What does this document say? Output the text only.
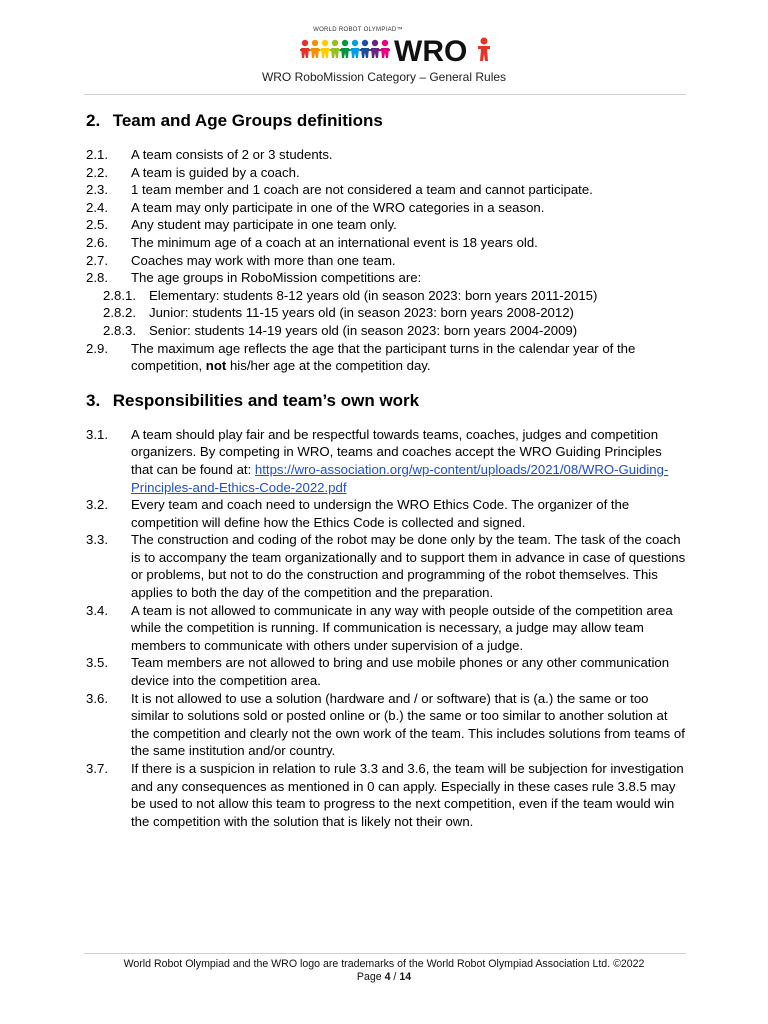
WORLD ROBOT OLYMPIAD™
WRO
WRO RoboMission Category – General Rules
2. Team and Age Groups definitions
2.1.	A team consists of 2 or 3 students.
2.2.	A team is guided by a coach.
2.3.	1 team member and 1 coach are not considered a team and cannot participate.
2.4.	A team may only participate in one of the WRO categories in a season.
2.5.	Any student may participate in one team only.
2.6.	The minimum age of a coach at an international event is 18 years old.
2.7.	Coaches may work with more than one team.
2.8.	The age groups in RoboMission competitions are:
2.8.1. Elementary: students 8-12 years old (in season 2023: born years 2011-2015)
2.8.2. Junior: students 11-15 years old (in season 2023: born years 2008-2012)
2.8.3. Senior: students 14-19 years old (in season 2023: born years 2004-2009)
2.9.	The maximum age reflects the age that the participant turns in the calendar year of the competition, not his/her age at the competition day.
3. Responsibilities and team’s own work
3.1.	A team should play fair and be respectful towards teams, coaches, judges and competition organizers. By competing in WRO, teams and coaches accept the WRO Guiding Principles that can be found at: https://wro-association.org/wp-content/uploads/2021/08/WRO-Guiding-Principles-and-Ethics-Code-2022.pdf
3.2.	Every team and coach need to undersign the WRO Ethics Code. The organizer of the competition will define how the Ethics Code is collected and signed.
3.3.	The construction and coding of the robot may be done only by the team. The task of the coach is to accompany the team organizationally and to support them in advance in case of questions or problems, but not to do the construction and programming of the robot themselves. This applies to both the day of the competition and the preparation.
3.4.	A team is not allowed to communicate in any way with people outside of the competition area while the competition is running. If communication is necessary, a judge may allow team members to communicate with others under supervision of a judge.
3.5.	Team members are not allowed to bring and use mobile phones or any other communication device into the competition area.
3.6.	It is not allowed to use a solution (hardware and / or software) that is (a.) the same or too similar to solutions sold or posted online or (b.) the same or too similar to another solution at the competition and clearly not the own work of the team. This includes solutions from teams of the same institution and/or country.
3.7.	If there is a suspicion in relation to rule 3.3 and 3.6, the team will be subjection for investigation and any consequences as mentioned in 0 can apply. Especially in these cases rule 3.8.5 may be used to not allow this team to progress to the next competition, even if the team would win the competition with the solution that is likely not their own.
World Robot Olympiad and the WRO logo are trademarks of the World Robot Olympiad Association Ltd. ©2022
Page 4 / 14
